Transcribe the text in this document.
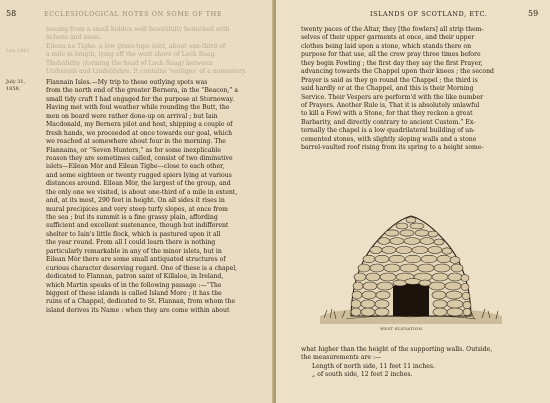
58	ECCLESIOLOGICAL NOTES ON SOME OF THE
issuing from a small hidden well beautifully bedecked with
lichens and moss.
Eilean na Tighe: a low grass-tope islet, about one-third of
a mile in length, lying off the west shore of Loch Roag.
Thoballdhy (forming the head of Loch Roag) between
Uishenish and Lindeldshre. It contains 'vestiges' of a monastery.
Lon 1861
July 31,
1858.
Flannain Isles.—My trip to these outlying spots was
from the north end of the greater Bernera, in the “Beacon,” a
small tidy craft I had engaged for the purpose at Stornoway.
Having met with foul weather while rounding the Butt, the
men on board were rather done-up on arrival ; but Iain
Macdonald, my Bernera pilot and host, shipping a couple of
fresh hands, we proceeded at once towards our goal, which
we reached at somewhere about four in the morning. The
Flannains, or “Seven Hunters,” as for some inexplicable
reason they are sometimes called, consist of two diminutive
islets—Eilean Mòr and Eilean Tighe—close to each other,
and some eighteen or twenty rugged spiers lying at various
distances around. Eilean Mòr, the largest of the group, and
the only one we visited, is about one-third of a mile in extent,
and, at its most, 290 feet in height. On all sides it rises in
mural precipices and very steep turfy slopes, at once from
the sea ; but its summit is a fine grassy plain, affording
sufficient and excellent sustenance, though but indifferent
shelter to Iain's little flock, which is pastured upon it all
the year round. From all I could learn there is nothing
particularly remarkable in any of the minor islets, but in
Eilean Mòr there are some small antiquated structures of
curious character deserving regard. One of these is a chapel,
dedicated to Flannan, patron saint of Killaloe, in Ireland,
which Martin speaks of in the following passage :—“The
biggest of these islands is called Island More ; it has the
ruins of a Chappel, dedicated to St. Flannan, from whom the
island derives its Name : when they are come within about
ISLANDS OF SCOTLAND, ETC.	59
twenty paces of the Altar, they [the fowlers] all strip them-
selves of their upper garments at once, and their upper
clothes being laid upon a stone, which stands there on
purpose for that use, all the crew pray three times before
they begin Fowling ; the first day they say the first Prayer,
advancing towards the Chappel upon their knees ; the second
Prayer is said as they go round the Chappel ; the third is
said hardly or at the Chappel, and this is their Morning
Service. Their Vespers are perform'd with the like number
of Prayers. Another Rule is, That it is absolutely unlawful
to kill a Fowl with a Stone, for that they reckon a great
Barbarity, and directly contrary to ancient Custom.” Ex-
ternally the chapel is a low quadrilateral building of un-
cemented stones, with slightly sloping walls and a stone
barrel-vaulted roof rising from its spring to a height some-
WEST ELEVATION.
what higher than the height of the supporting walls. Outside,
the measurements are :—
Length of north side, 11 feet 11 inches.
„ of south side, 12 feet 2 inches.
